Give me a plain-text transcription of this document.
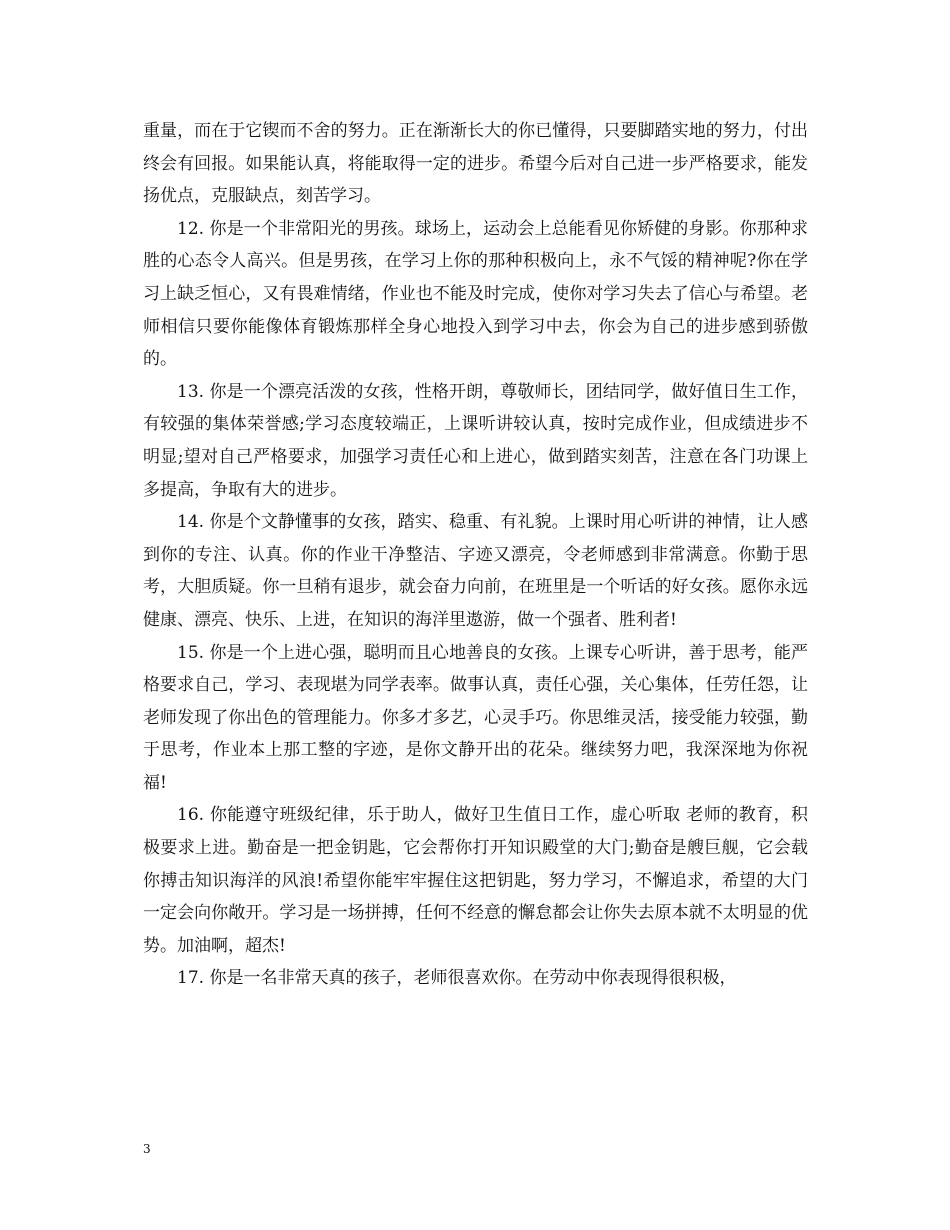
重量，而在于它锲而不舍的努力。正在渐渐长大的你已懂得，只要脚踏实地的努力，付出终会有回报。如果能认真，将能取得一定的进步。希望今后对自己进一步严格要求，能发扬优点，克服缺点，刻苦学习。

12. 你是一个非常阳光的男孩。球场上，运动会上总能看见你矫健的身影。你那种求胜的心态令人高兴。但是男孩，在学习上你的那种积极向上，永不气馁的精神呢?你在学习上缺乏恒心，又有畏难情绪，作业也不能及时完成，使你对学习失去了信心与希望。老师相信只要你能像体育锻炼那样全身心地投入到学习中去，你会为自己的进步感到骄傲的。

13. 你是一个漂亮活泼的女孩，性格开朗，尊敬师长，团结同学，做好值日生工作，有较强的集体荣誉感;学习态度较端正，上课听讲较认真，按时完成作业，但成绩进步不明显;望对自己严格要求，加强学习责任心和上进心，做到踏实刻苦，注意在各门功课上多提高，争取有大的进步。

14. 你是个文静懂事的女孩，踏实、稳重、有礼貌。上课时用心听讲的神情，让人感到你的专注、认真。你的作业干净整洁、字迹又漂亮，令老师感到非常满意。你勤于思考，大胆质疑。你一旦稍有退步，就会奋力向前，在班里是一个听话的好女孩。愿你永远健康、漂亮、快乐、上进，在知识的海洋里遨游，做一个强者、胜利者!

15. 你是一个上进心强，聪明而且心地善良的女孩。上课专心听讲，善于思考，能严格要求自己，学习、表现堪为同学表率。做事认真，责任心强，关心集体，任劳任怨，让老师发现了你出色的管理能力。你多才多艺，心灵手巧。你思维灵活，接受能力较强，勤于思考，作业本上那工整的字迹，是你文静开出的花朵。继续努力吧，我深深地为你祝福!

16. 你能遵守班级纪律，乐于助人，做好卫生值日工作，虚心听取 老师的教育，积极要求上进。勤奋是一把金钥匙，它会帮你打开知识殿堂的大门;勤奋是艘巨舰，它会载你搏击知识海洋的风浪!希望你能牢牢握住这把钥匙，努力学习，不懈追求，希望的大门一定会向你敞开。学习是一场拼搏，任何不经意的懈怠都会让你失去原本就不太明显的优势。加油啊，超杰!

17. 你是一名非常天真的孩子，老师很喜欢你。在劳动中你表现得很积极，

3
